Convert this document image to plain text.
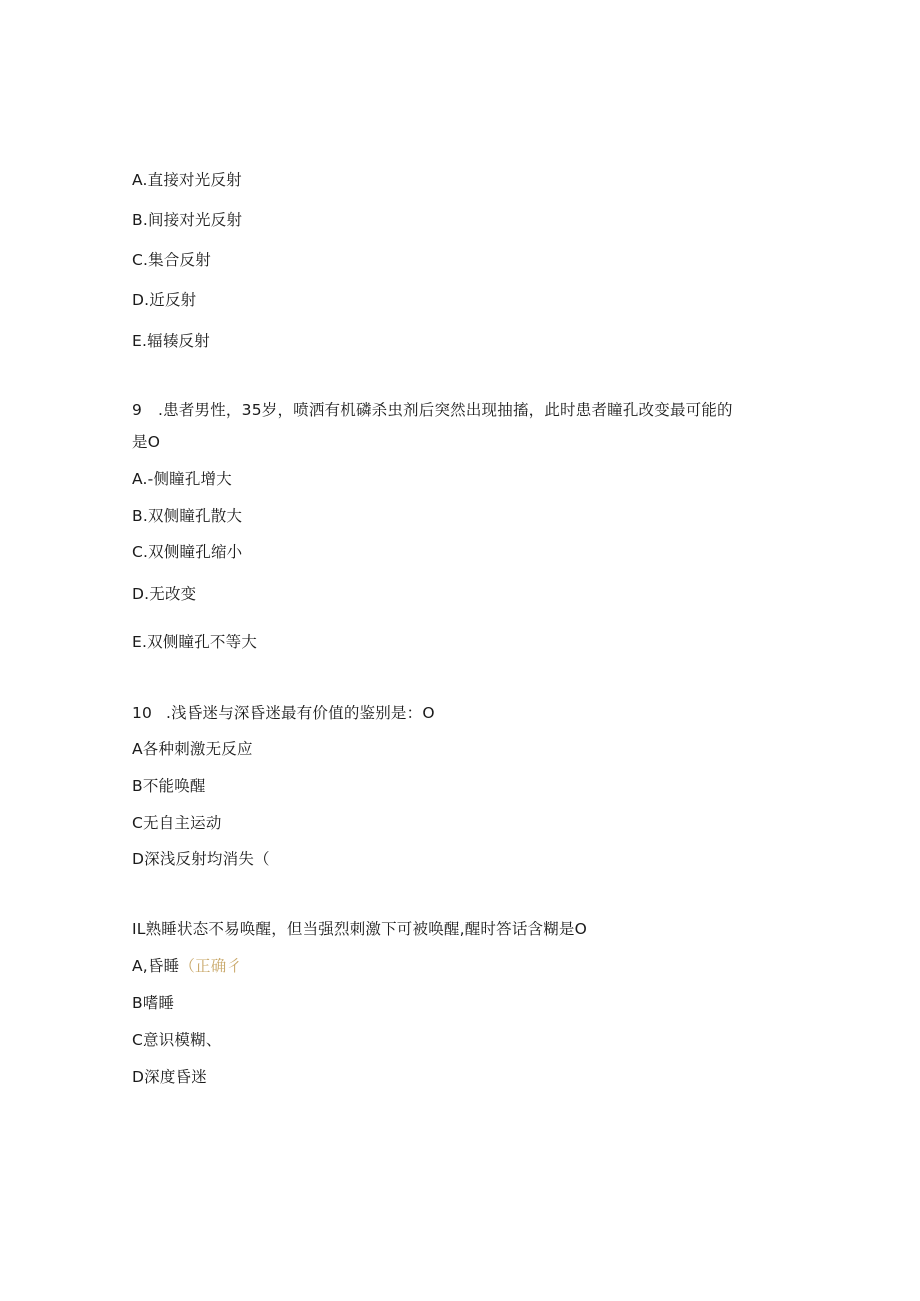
A.直接对光反射
B.间接对光反射
C.集合反射
D.近反射
E.辐辏反射
9 .患者男性，35岁，喷洒有机磷杀虫剂后突然出现抽搐，此时患者瞳孔改变最可能的
是O
A.-侧瞳孔增大
B.双侧瞳孔散大
C.双侧瞳孔缩小
D.无改变
E.双侧瞳孔不等大
10 .浅昏迷与深昏迷最有价值的鉴别是：O
A各种刺激无反应
B不能唤醒
C无自主运动
D深浅反射均消失（
IL熟睡状态不易唤醒，但当强烈刺激下可被唤醒,醒时答话含糊是O
A,昏睡（正确彳
B嗜睡
C意识模糊、
D深度昏迷
